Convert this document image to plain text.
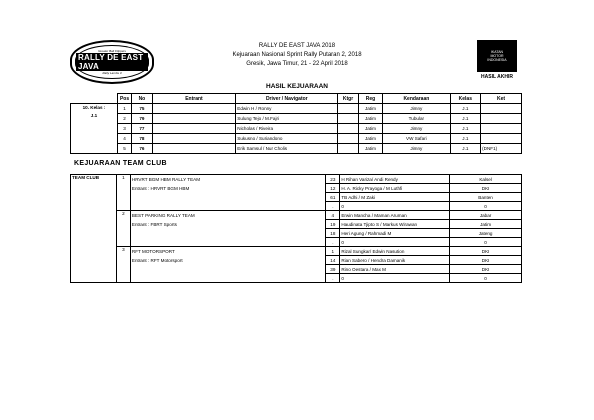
Greater Bali Clippers
RALLY DE EAST JAVA
Rally Lambs 3
IKATAN
MOTOR
INDONESIA
HASIL AKHIR
RALLY DE EAST JAVA 2018
Kejuaraan Nasional Sprint Rally Putaran 2, 2018
Gresik, Jawa Timur, 21 - 22 April 2018
HASIL KEJUARAAN
	Pos	No	Entrant	Driver / Navigator	Ktgr	Reg	Kendaraan	Kelas	Ket

10. Kelas :
J.1	1	75		Edwin H / Ronny		Jatim	Jimny	J.1	
	2	79		Sulung Tejo / M.Fajri		Jatim	Tubular	J.1	
	3	77		Nicholas / Riveira		Jatim	Jimny	J.1	
	4	78		Sukusno / Suriandono		Jatim	VW Safari	J.1	
	5	76		Erik Samsul / Nur Cholis		Jatim	Jimny	J.1	(DNF1)
KEJUARAAN TEAM CLUB
TEAM CLUB	1	HRVRT BGM HBM RALLY TEAM	23	H Rihan Variza/ Andi Rendy	Kalsel
		Entrant : HRVRT BGM HBM	12	H. A. Ricky Prayoga / M Luthfi	DKI
			61	TB Adhi / M Zaki	Banten
			.	0	0
	2	BEST PARKING RALLY TEAM	4	Erwin Mancha / Maman Aruman	Jabar
		Entrant : FBRT Sports	19	Haudinata Tjipto S / Markus Wirawan	Jatim
			18	Heri Agung / Rahmadi M	Jateng
			.	0	0
	3	RFT MOTORSPORT	1	Rizal Sungkar/ Edwin Nasution	DKI
		Entrant : RFT Motorsport	14	Rian Sabero / Hendra Damanik	DKI
			39	Rino Oestara / Max M	DKI
			.	0	0
